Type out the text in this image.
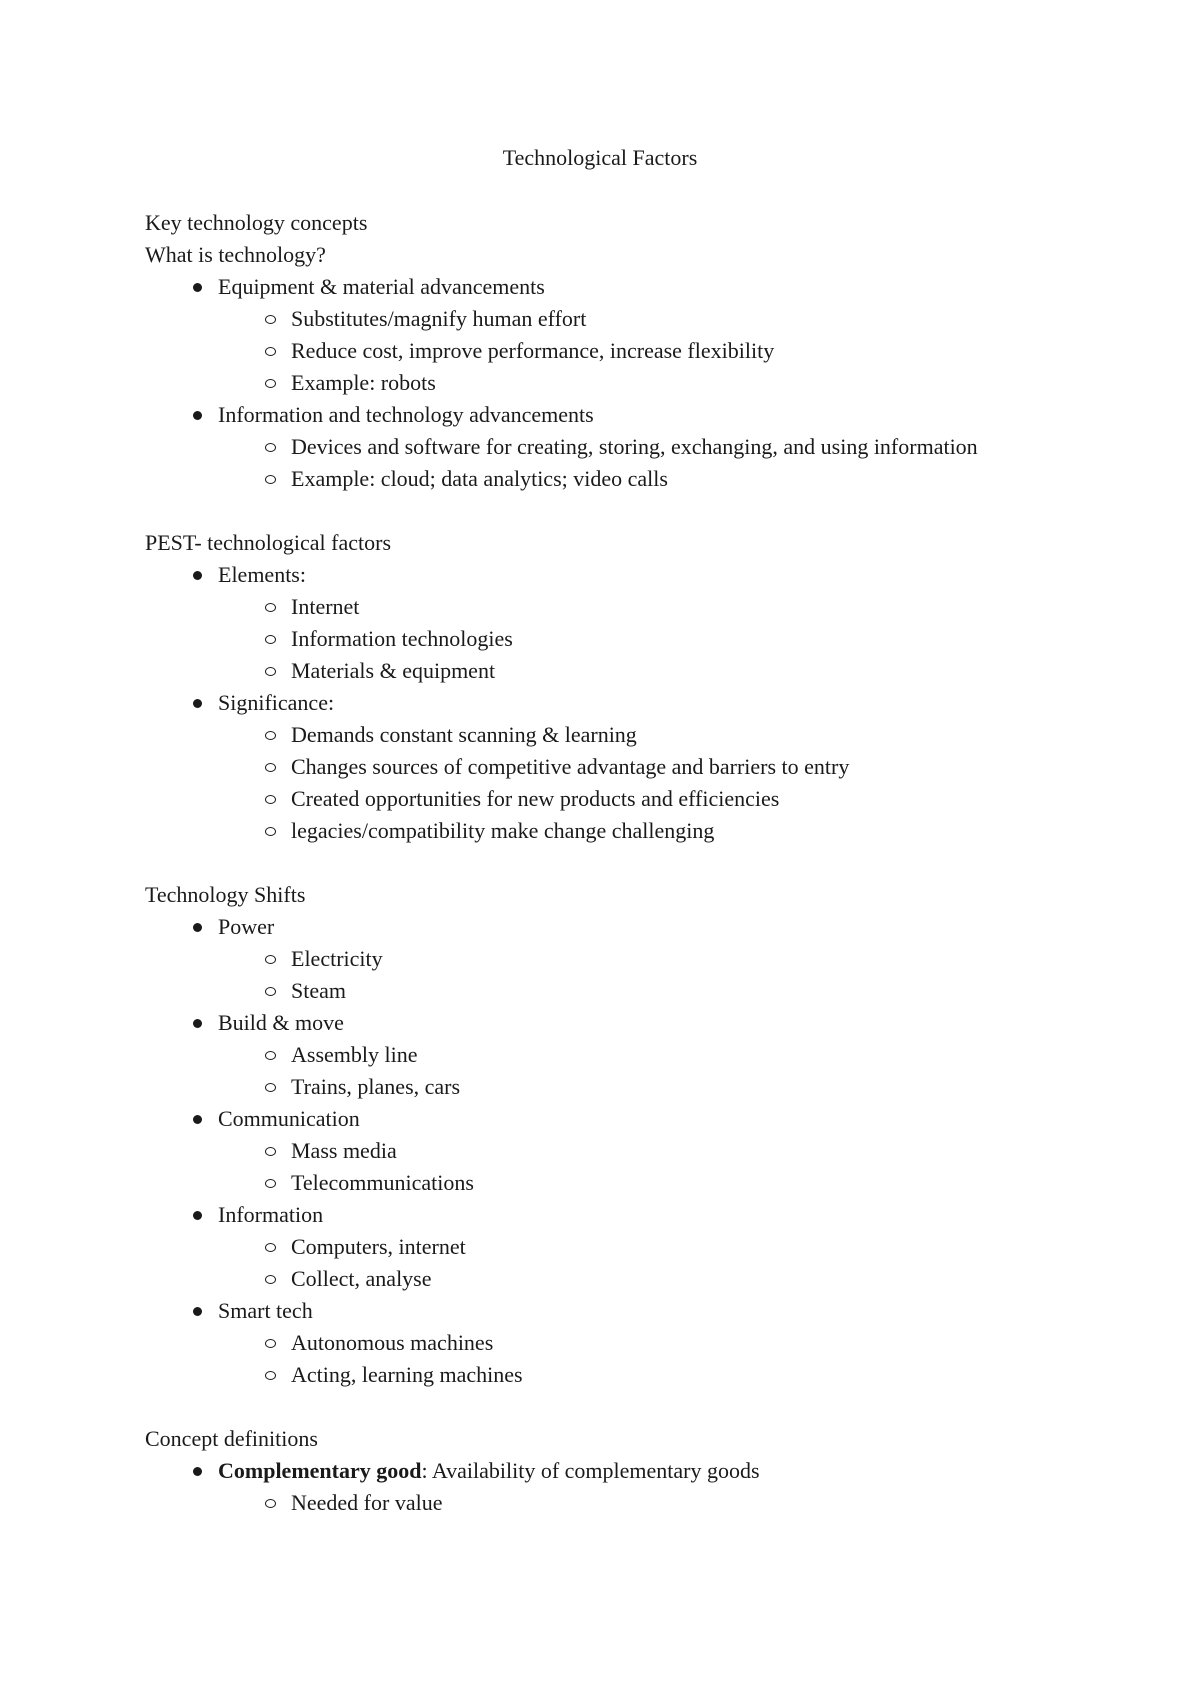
Technological Factors
Key technology concepts
What is technology?
Equipment & material advancements
Substitutes/magnify human effort
Reduce cost, improve performance, increase flexibility
Example: robots
Information and technology advancements
Devices and software for creating, storing, exchanging, and using information
Example: cloud; data analytics; video calls
PEST- technological factors
Elements:
Internet
Information technologies
Materials & equipment
Significance:
Demands constant scanning & learning
Changes sources of competitive advantage and barriers to entry
Created opportunities for new products and efficiencies
legacies/compatibility make change challenging
Technology Shifts
Power
Electricity
Steam
Build & move
Assembly line
Trains, planes, cars
Communication
Mass media
Telecommunications
Information
Computers, internet
Collect, analyse
Smart tech
Autonomous machines
Acting, learning machines
Concept definitions
Complementary good: Availability of complementary goods
Needed for value
